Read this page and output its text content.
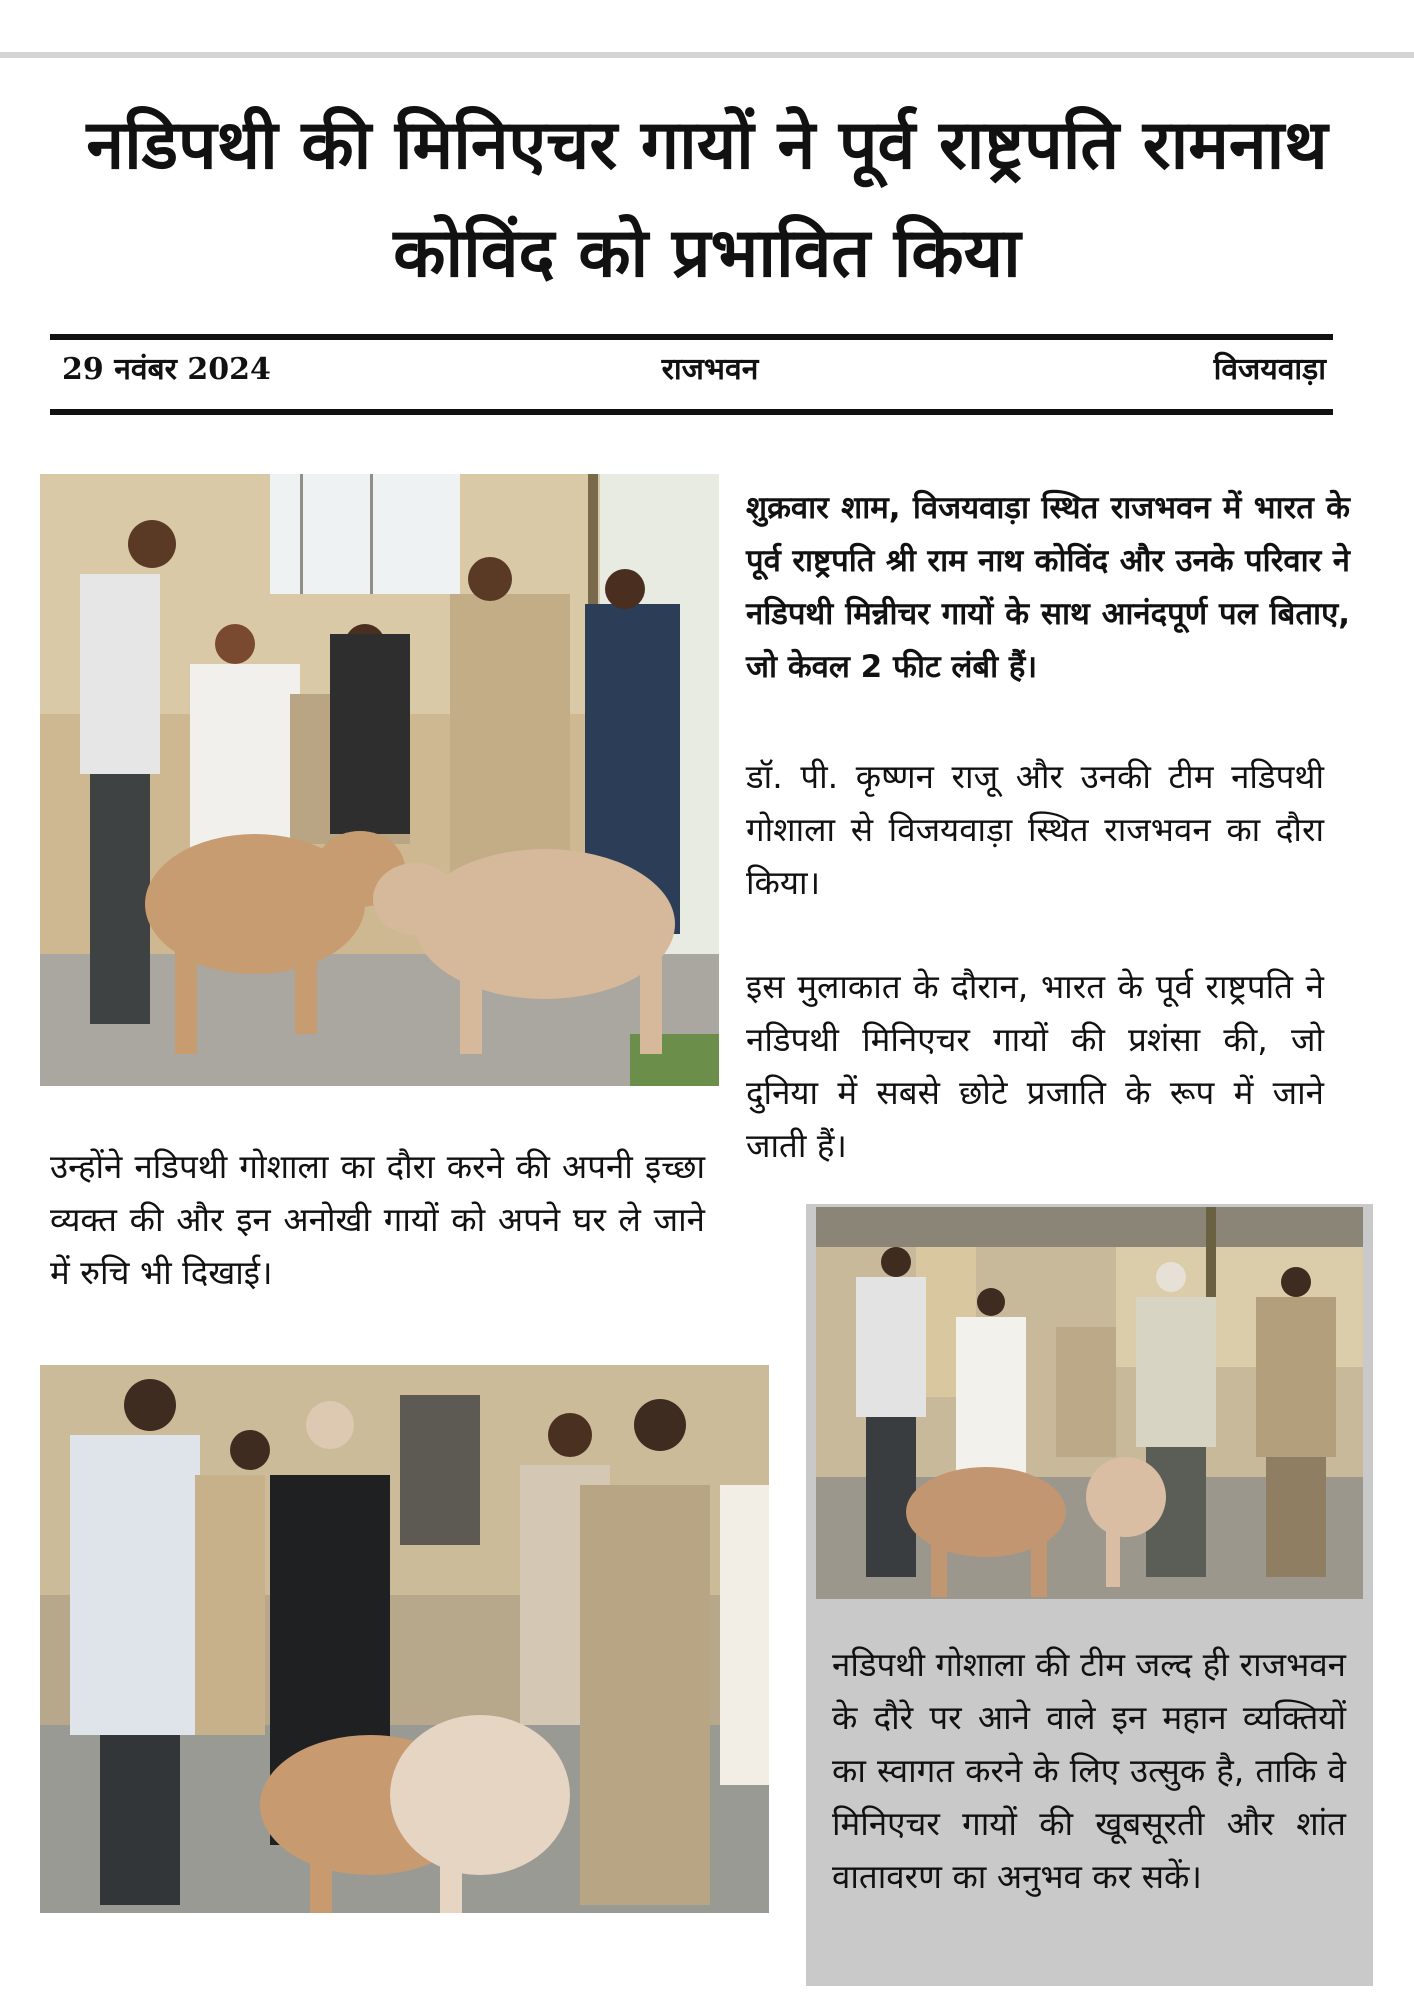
नडिपथी की मिनिएचर गायों ने पूर्व राष्ट्रपति रामनाथ कोविंद को प्रभावित किया
29 नवंबर 2024	राजभवन	विजयवाड़ा

शुक्रवार शाम, विजयवाड़ा स्थित राजभवन में भारत के पूर्व राष्ट्रपति श्री राम नाथ कोविंद और उनके परिवार ने नडिपथी मिन्नीचर गायों के साथ आनंदपूर्ण पल बिताए, जो केवल 2 फीट लंबी हैं।

डॉ. पी. कृष्णन राजू और उनकी टीम नडिपथी गोशाला से विजयवाड़ा स्थित राजभवन का दौरा किया।

इस मुलाकात के दौरान, भारत के पूर्व राष्ट्रपति ने नडिपथी मिनिएचर गायों की प्रशंसा की, जो दुनिया में सबसे छोटे प्रजाति के रूप में जाने जाती हैं।

उन्होंने नडिपथी गोशाला का दौरा करने की अपनी इच्छा व्यक्त की और इन अनोखी गायों को अपने घर ले जाने में रुचि भी दिखाई।

नडिपथी गोशाला की टीम जल्द ही राजभवन के दौरे पर आने वाले इन महान व्यक्तियों का स्वागत करने के लिए उत्सुक है, ताकि वे मिनिएचर गायों की खूबसूरती और शांत वातावरण का अनुभव कर सकें।
